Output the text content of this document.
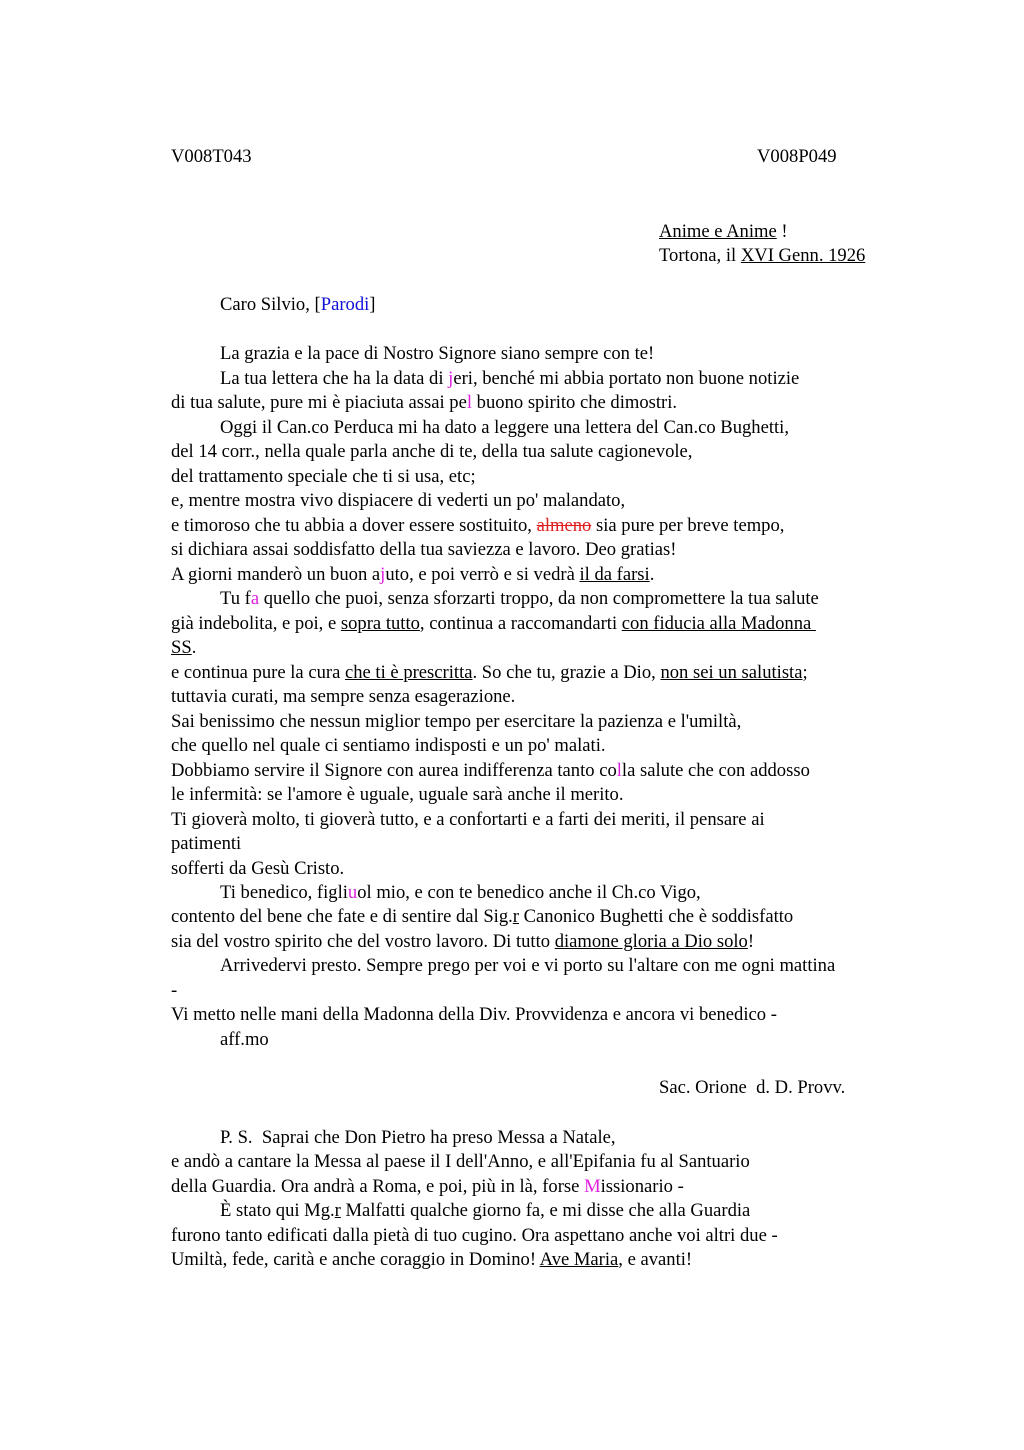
V008T043	V008P049
Anime e Anime !
Tortona, il XVI Genn. 1926
Caro Silvio, [Parodi]
La grazia e la pace di Nostro Signore siano sempre con te!
La tua lettera che ha la data di jeri, benché mi abbia portato non buone notizie
di tua salute, pure mi è piaciuta assai pel buono spirito che dimostri.
Oggi il Can.co Perduca mi ha dato a leggere una lettera del Can.co Bughetti,
del 14 corr., nella quale parla anche di te, della tua salute cagionevole,
del trattamento speciale che ti si usa, etc;
e, mentre mostra vivo dispiacere di vederti un po' malandato,
e timoroso che tu abbia a dover essere sostituito, almeno sia pure per breve tempo,
si dichiara assai soddisfatto della tua saviezza e lavoro. Deo gratias!
A giorni manderò un buon ajuto, e poi verrò e si vedrà il da farsi.
Tu fa quello che puoi, senza sforzarti troppo, da non compromettere la tua salute
già indebolita, e poi, e sopra tutto, continua a raccomandarti con fiducia alla Madonna
SS.
e continua pure la cura che ti è prescritta. So che tu, grazie a Dio, non sei un salutista;
tuttavia curati, ma sempre senza esagerazione.
Sai benissimo che nessun miglior tempo per esercitare la pazienza e l'umiltà,
che quello nel quale ci sentiamo indisposti e un po' malati.
Dobbiamo servire il Signore con aurea indifferenza tanto colla salute che con addosso
le infermità: se l'amore è uguale, uguale sarà anche il merito.
Ti gioverà molto, ti gioverà tutto, e a confortarti e a farti dei meriti, il pensare ai
patimenti
sofferti da Gesù Cristo.
Ti benedico, figliuol mio, e con te benedico anche il Ch.co Vigo,
contento del bene che fate e di sentire dal Sig.r Canonico Bughetti che è soddisfatto
sia del vostro spirito che del vostro lavoro. Di tutto diamone gloria a Dio solo!
Arrivedervi presto. Sempre prego per voi e vi porto su l'altare con me ogni mattina
-
Vi metto nelle mani della Madonna della Div. Provvidenza e ancora vi benedico -
aff.mo
Sac. Orione  d. D. Provv.
P. S.  Saprai che Don Pietro ha preso Messa a Natale,
e andò a cantare la Messa al paese il I dell'Anno, e all'Epifania fu al Santuario
della Guardia. Ora andrà a Roma, e poi, più in là, forse Missionario -
È stato qui Mg.r Malfatti qualche giorno fa, e mi disse che alla Guardia
furono tanto edificati dalla pietà di tuo cugino. Ora aspettano anche voi altri due -
Umiltà, fede, carità e anche coraggio in Domino! Ave Maria, e avanti!
